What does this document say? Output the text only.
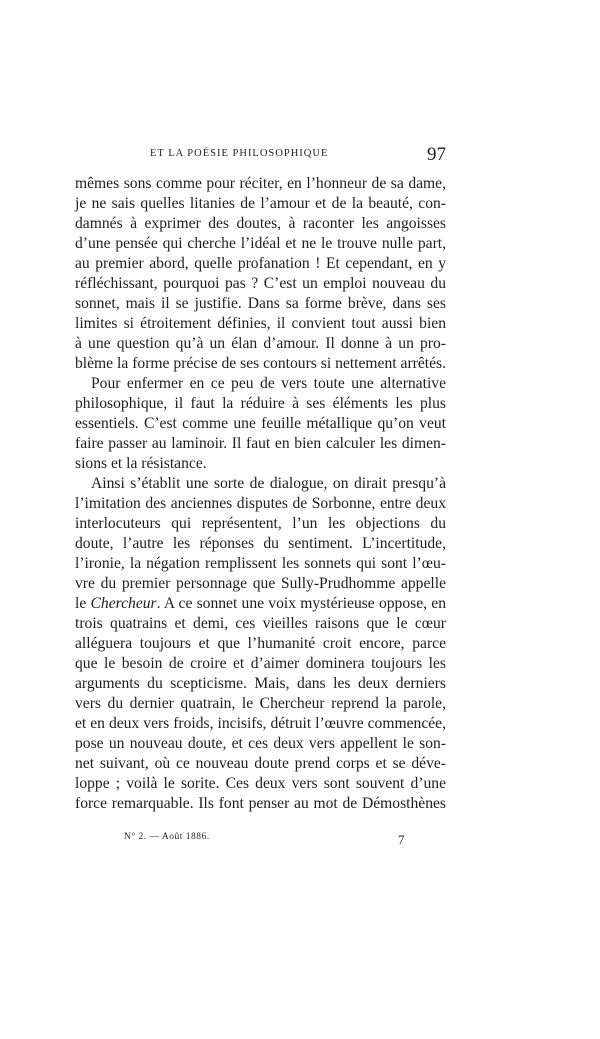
ET LA POÉSIE PHILOSOPHIQUE	97
mêmes sons comme pour réciter, en l’honneur de sa dame,
je ne sais quelles litanies de l’amour et de la beauté, con-
damnés à exprimer des doutes, à raconter les angoisses
d’une pensée qui cherche l’idéal et ne le trouve nulle part,
au premier abord, quelle profanation ! Et cependant, en y
réfléchissant, pourquoi pas ? C’est un emploi nouveau du
sonnet, mais il se justifie. Dans sa forme brève, dans ses
limites si étroitement définies, il convient tout aussi bien
à une question qu’à un élan d’amour. Il donne à un pro-
blème la forme précise de ses contours si nettement arrêtés.
Pour enfermer en ce peu de vers toute une alternative
philosophique, il faut la réduire à ses éléments les plus
essentiels. C’est comme une feuille métallique qu’on veut
faire passer au laminoir. Il faut en bien calculer les dimen-
sions et la résistance.
Ainsi s’établit une sorte de dialogue, on dirait presqu’à
l’imitation des anciennes disputes de Sorbonne, entre deux
interlocuteurs qui représentent, l’un les objections du
doute, l’autre les réponses du sentiment. L’incertitude,
l’ironie, la négation remplissent les sonnets qui sont l’œu-
vre du premier personnage que Sully-Prudhomme appelle
le Chercheur. A ce sonnet une voix mystérieuse oppose, en
trois quatrains et demi, ces vieilles raisons que le cœur
alléguera toujours et que l’humanité croit encore, parce
que le besoin de croire et d’aimer dominera toujours les
arguments du scepticisme. Mais, dans les deux derniers
vers du dernier quatrain, le Chercheur reprend la parole,
et en deux vers froids, incisifs, détruit l’œuvre commencée,
pose un nouveau doute, et ces deux vers appellent le son-
net suivant, où ce nouveau doute prend corps et se déve-
loppe ; voilà le sorite. Ces deux vers sont souvent d’une
force remarquable. Ils font penser au mot de Démosthènes
N° 2. — Août 1886.	7
